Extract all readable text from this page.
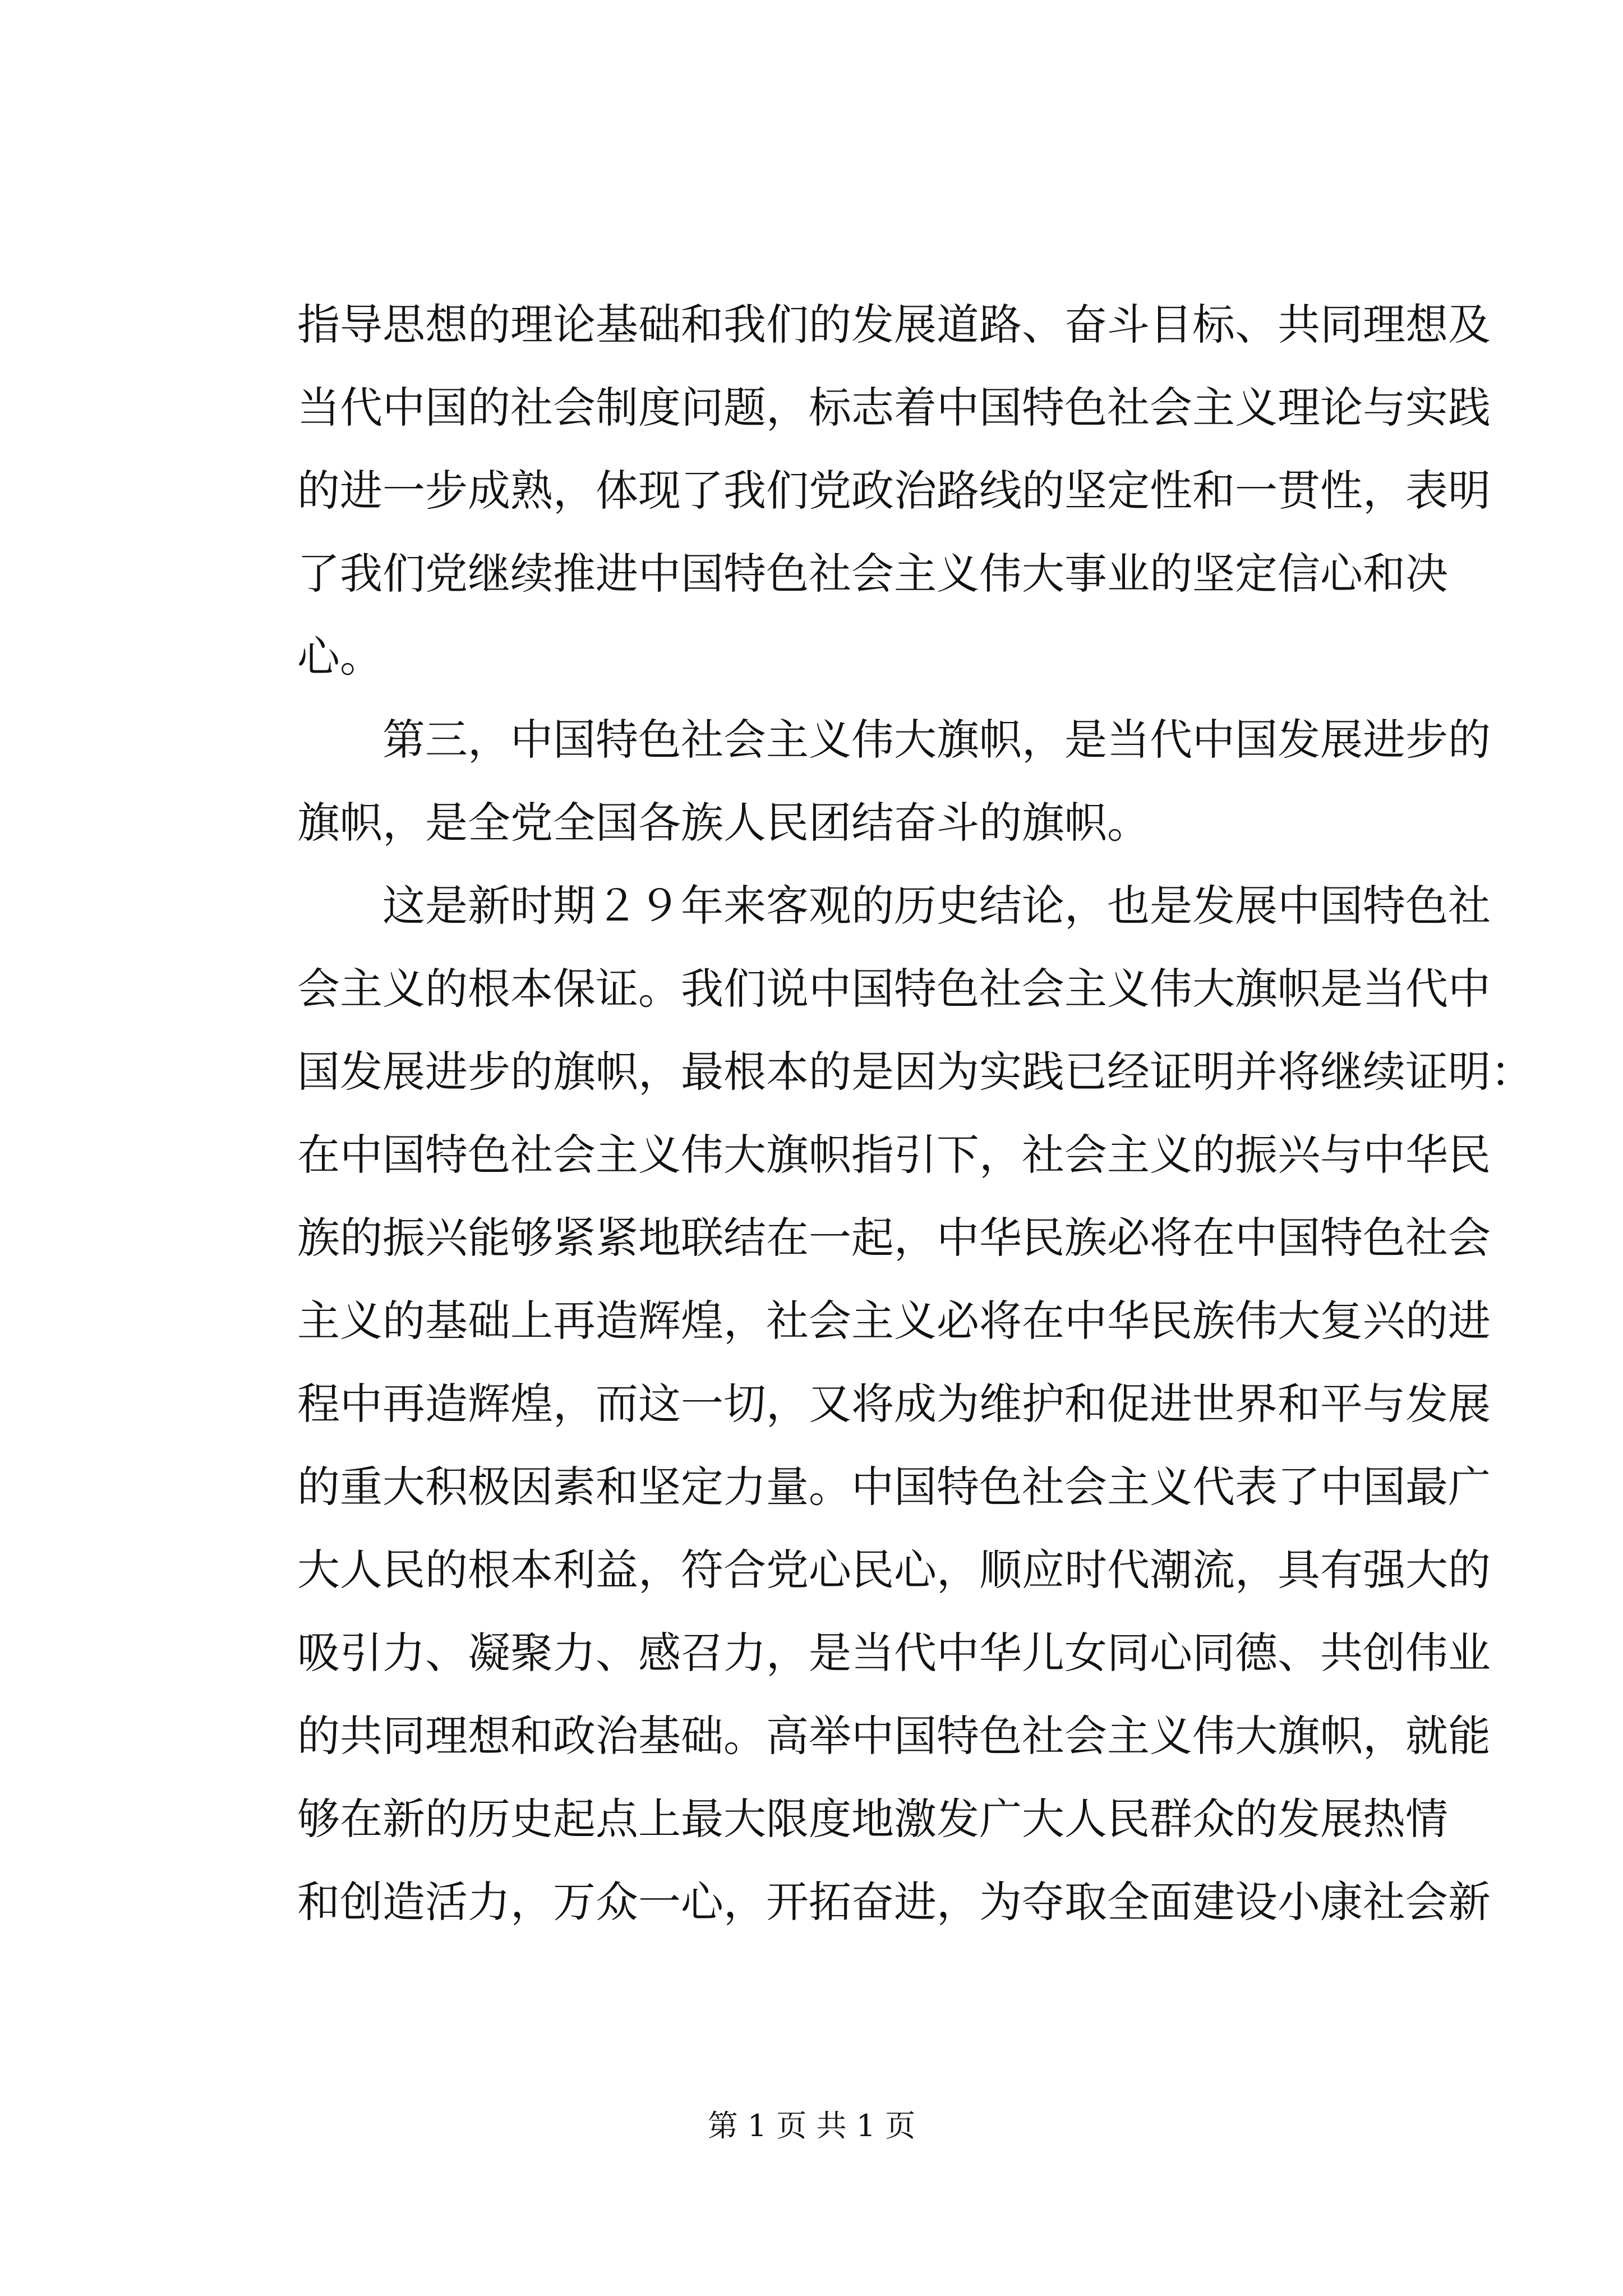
指导思想的理论基础和我们的发展道路、奋斗目标、共同理想及
当代中国的社会制度问题，标志着中国特色社会主义理论与实践
的进一步成熟，体现了我们党政治路线的坚定性和一贯性，表明
了我们党继续推进中国特色社会主义伟大事业的坚定信心和决
心。
第三，中国特色社会主义伟大旗帜，是当代中国发展进步的
旗帜，是全党全国各族人民团结奋斗的旗帜。
这是新时期２９年来客观的历史结论，也是发展中国特色社
会主义的根本保证。我们说中国特色社会主义伟大旗帜是当代中
国发展进步的旗帜，最根本的是因为实践已经证明并将继续证明：
在中国特色社会主义伟大旗帜指引下，社会主义的振兴与中华民
族的振兴能够紧紧地联结在一起，中华民族必将在中国特色社会
主义的基础上再造辉煌，社会主义必将在中华民族伟大复兴的进
程中再造辉煌，而这一切，又将成为维护和促进世界和平与发展
的重大积极因素和坚定力量。中国特色社会主义代表了中国最广
大人民的根本利益，符合党心民心，顺应时代潮流，具有强大的
吸引力、凝聚力、感召力，是当代中华儿女同心同德、共创伟业
的共同理想和政治基础。高举中国特色社会主义伟大旗帜，就能
够在新的历史起点上最大限度地激发广大人民群众的发展热情
和创造活力，万众一心，开拓奋进，为夺取全面建设小康社会新
第 1 页 共 1 页
